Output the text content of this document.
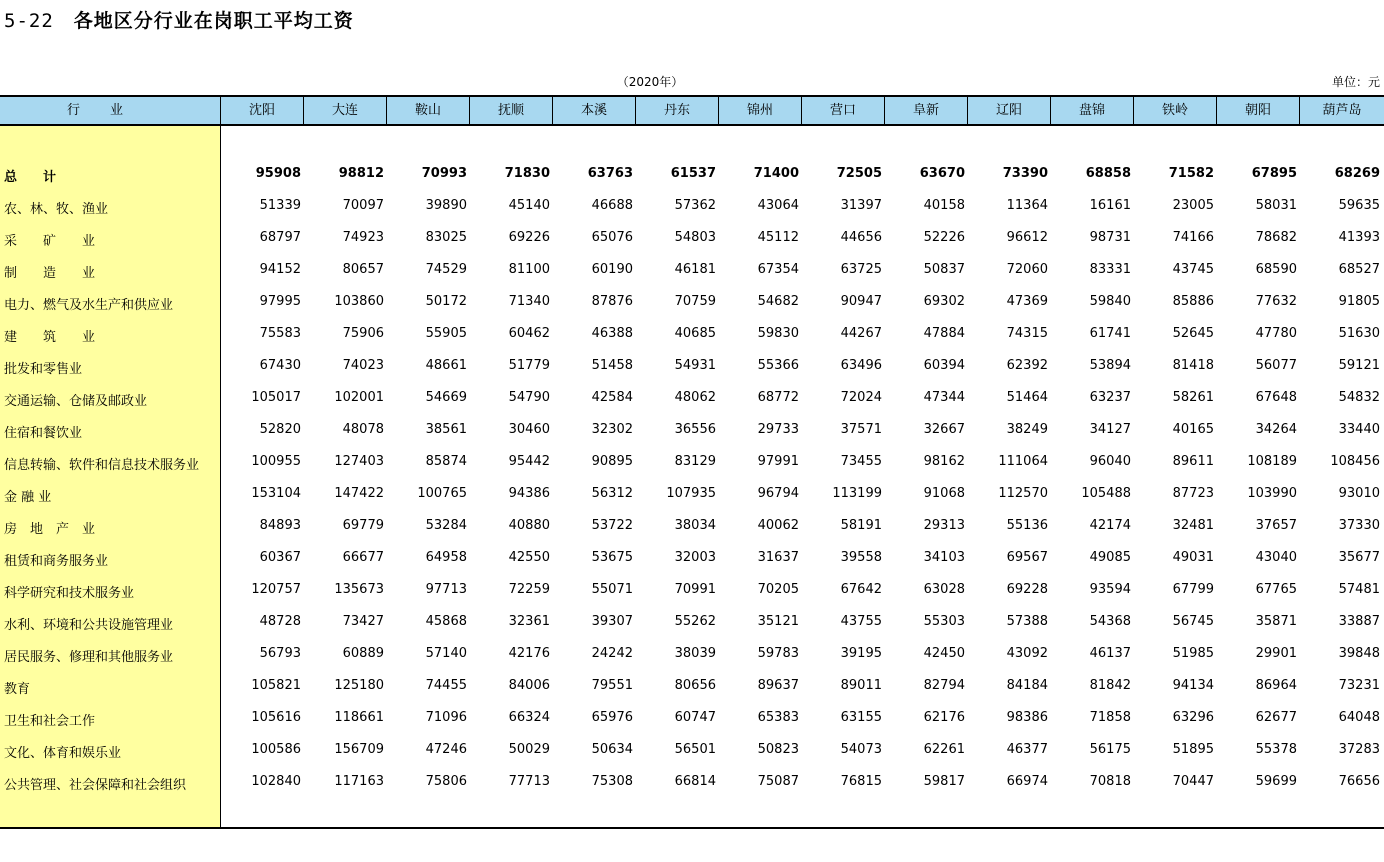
5-22 各地区分行业在岗职工平均工资
（2020年）	单位：元
行业	沈阳	大连	鞍山	抚顺	本溪	丹东	锦州	营口	阜新	辽阳	盘锦	铁岭	朝阳	葫芦岛
总　　计	95908	98812	70993	71830	63763	61537	71400	72505	63670	73390	68858	71582	67895	68269
农、林、牧、渔业	51339	70097	39890	45140	46688	57362	43064	31397	40158	11364	16161	23005	58031	59635
采　　矿　　业	68797	74923	83025	69226	65076	54803	45112	44656	52226	96612	98731	74166	78682	41393
制　　造　　业	94152	80657	74529	81100	60190	46181	67354	63725	50837	72060	83331	43745	68590	68527
电力、燃气及水生产和供应业	97995	103860	50172	71340	87876	70759	54682	90947	69302	47369	59840	85886	77632	91805
建　　筑　　业	75583	75906	55905	60462	46388	40685	59830	44267	47884	74315	61741	52645	47780	51630
批发和零售业	67430	74023	48661	51779	51458	54931	55366	63496	60394	62392	53894	81418	56077	59121
交通运输、仓储及邮政业	105017	102001	54669	54790	42584	48062	68772	72024	47344	51464	63237	58261	67648	54832
住宿和餐饮业	52820	48078	38561	30460	32302	36556	29733	37571	32667	38249	34127	40165	34264	33440
信息转输、软件和信息技术服务业	100955	127403	85874	95442	90895	83129	97991	73455	98162	111064	96040	89611	108189	108456
金 融 业	153104	147422	100765	94386	56312	107935	96794	113199	91068	112570	105488	87723	103990	93010
房　地　产　业	84893	69779	53284	40880	53722	38034	40062	58191	29313	55136	42174	32481	37657	37330
租赁和商务服务业	60367	66677	64958	42550	53675	32003	31637	39558	34103	69567	49085	49031	43040	35677
科学研究和技术服务业	120757	135673	97713	72259	55071	70991	70205	67642	63028	69228	93594	67799	67765	57481
水利、环境和公共设施管理业	48728	73427	45868	32361	39307	55262	35121	43755	55303	57388	54368	56745	35871	33887
居民服务、修理和其他服务业	56793	60889	57140	42176	24242	38039	59783	39195	42450	43092	46137	51985	29901	39848
教育	105821	125180	74455	84006	79551	80656	89637	89011	82794	84184	81842	94134	86964	73231
卫生和社会工作	105616	118661	71096	66324	65976	60747	65383	63155	62176	98386	71858	63296	62677	64048
文化、体育和娱乐业	100586	156709	47246	50029	50634	56501	50823	54073	62261	46377	56175	51895	55378	37283
公共管理、社会保障和社会组织	102840	117163	75806	77713	75308	66814	75087	76815	59817	66974	70818	70447	59699	76656
